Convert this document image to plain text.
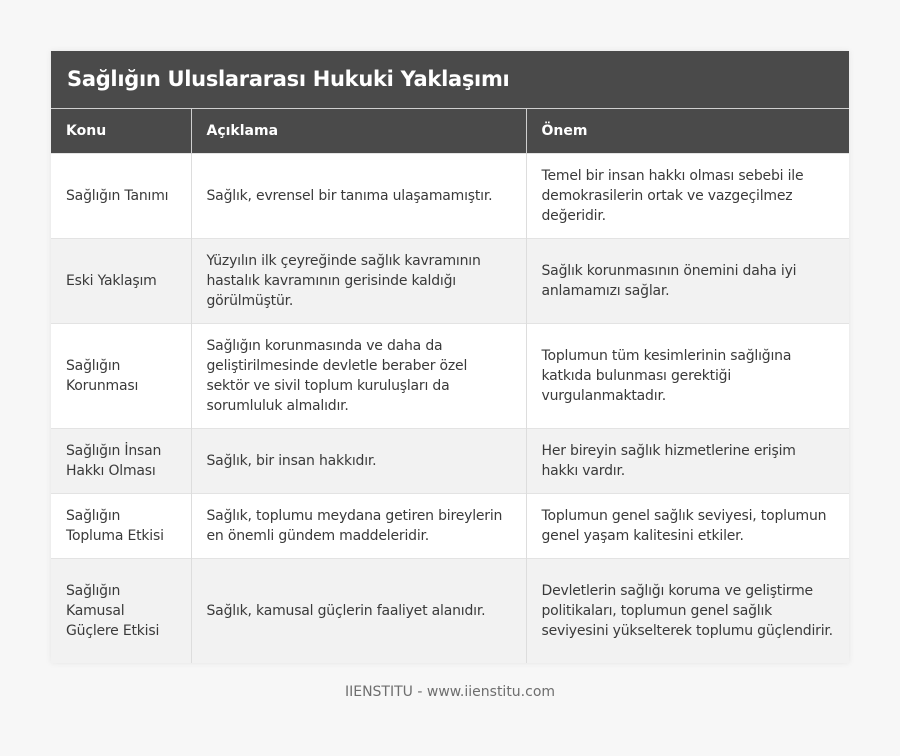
Sağlığın Uluslararası Hukuki Yaklaşımı
Konu	Açıklama	Önem
Sağlığın Tanımı	Sağlık, evrensel bir tanıma ulaşamamıştır.	Temel bir insan hakkı olması sebebi ile demokrasilerin ortak ve vazgeçilmez değeridir.
Eski Yaklaşım	Yüzyılın ilk çeyreğinde sağlık kavramının hastalık kavramının gerisinde kaldığı görülmüştür.	Sağlık korunmasının önemini daha iyi anlamamızı sağlar.
Sağlığın Korunması	Sağlığın korunmasında ve daha da geliştirilmesinde devletle beraber özel sektör ve sivil toplum kuruluşları da sorumluluk almalıdır.	Toplumun tüm kesimlerinin sağlığına katkıda bulunması gerektiği vurgulanmaktadır.
Sağlığın İnsan Hakkı Olması	Sağlık, bir insan hakkıdır.	Her bireyin sağlık hizmetlerine erişim hakkı vardır.
Sağlığın Topluma Etkisi	Sağlık, toplumu meydana getiren bireylerin en önemli gündem maddeleridir.	Toplumun genel sağlık seviyesi, toplumun genel yaşam kalitesini etkiler.
Sağlığın Kamusal Güçlere Etkisi	Sağlık, kamusal güçlerin faaliyet alanıdır.	Devletlerin sağlığı koruma ve geliştirme politikaları, toplumun genel sağlık seviyesini yükselterek toplumu güçlendirir.
IIENSTITU - www.iienstitu.com
